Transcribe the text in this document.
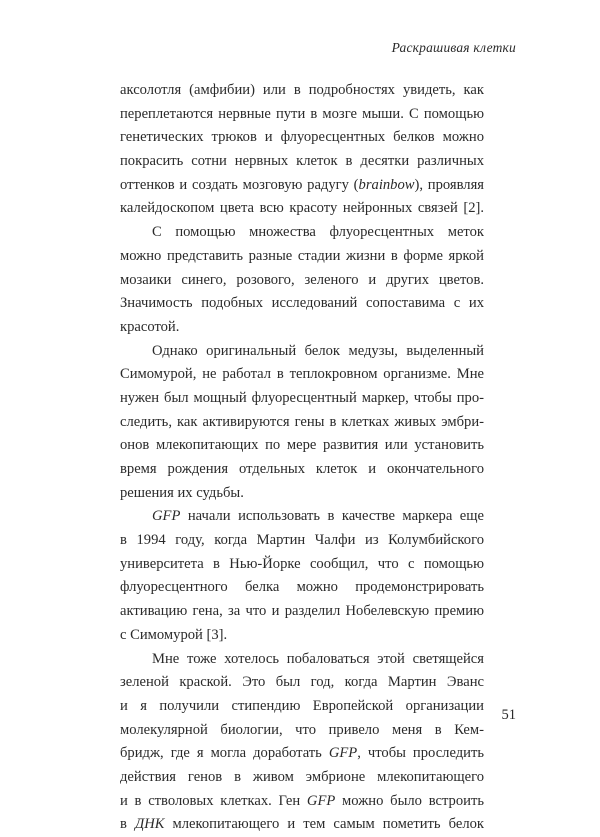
Раскрашивая клетки
аксолотля (амфибии) или в подробностях увидеть, как
переплетаются нервные пути в мозге мыши. С помощью
генетических трюков и флуоресцентных белков можно
покрасить сотни нервных клеток в десятки различных
оттенков и создать мозговую радугу (brainbow), проявляя
калейдоскопом цвета всю красоту нейронных связей [2].
С помощью множества флуоресцентных меток
можно представить разные стадии жизни в форме яркой
мозаики синего, розового, зеленого и других цветов.
Значимость подобных исследований сопоставима с их
красотой.
Однако оригинальный белок медузы, выделенный
Симомурой, не работал в теплокровном организме. Мне
нужен был мощный флуоресцентный маркер, чтобы про-
следить, как активируются гены в клетках живых эмбри-
онов млекопитающих по мере развития или установить
время рождения отдельных клеток и окончательного
решения их судьбы.
GFP начали использовать в качестве маркера еще
в 1994 году, когда Мартин Чалфи из Колумбийского
университета в Нью-Йорке сообщил, что с помощью
флуоресцентного белка можно продемонстрировать
активацию гена, за что и разделил Нобелевскую премию
с Симомурой [3].
Мне тоже хотелось побаловаться этой светящейся
зеленой краской. Это был год, когда Мартин Эванс
и я получили стипендию Европейской организации
молекулярной биологии, что привело меня в Кем-
бридж, где я могла доработать GFP, чтобы проследить
действия генов в живом эмбрионе млекопитающего
и в стволовых клетках. Ген GFP можно было встроить
в ДНК млекопитающего и тем самым пометить белок
51
